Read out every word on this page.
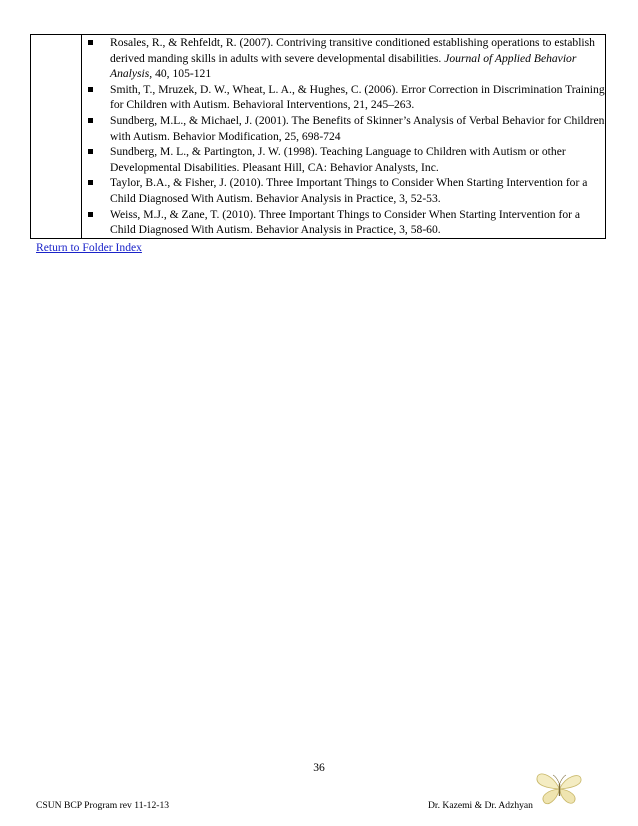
Rosales, R., & Rehfeldt, R. (2007). Contriving transitive conditioned establishing operations to establish derived manding skills in adults with severe developmental disabilities. Journal of Applied Behavior Analysis, 40, 105-121
Smith, T., Mruzek, D. W., Wheat, L. A., & Hughes, C. (2006). Error Correction in Discrimination Training for Children with Autism. Behavioral Interventions, 21, 245–263.
Sundberg, M.L., & Michael, J. (2001). The Benefits of Skinner’s Analysis of Verbal Behavior for Children with Autism. Behavior Modification, 25, 698-724
Sundberg, M. L., & Partington, J. W. (1998). Teaching Language to Children with Autism or other Developmental Disabilities. Pleasant Hill, CA: Behavior Analysts, Inc.
Taylor, B.A., & Fisher, J. (2010). Three Important Things to Consider When Starting Intervention for a Child Diagnosed With Autism. Behavior Analysis in Practice, 3, 52-53.
Weiss, M.J., & Zane, T. (2010). Three Important Things to Consider When Starting Intervention for a Child Diagnosed With Autism. Behavior Analysis in Practice, 3, 58-60.
Return to Folder Index
36
CSUN BCP Program rev 11-12-13	Dr. Kazemi & Dr. Adzhyan
